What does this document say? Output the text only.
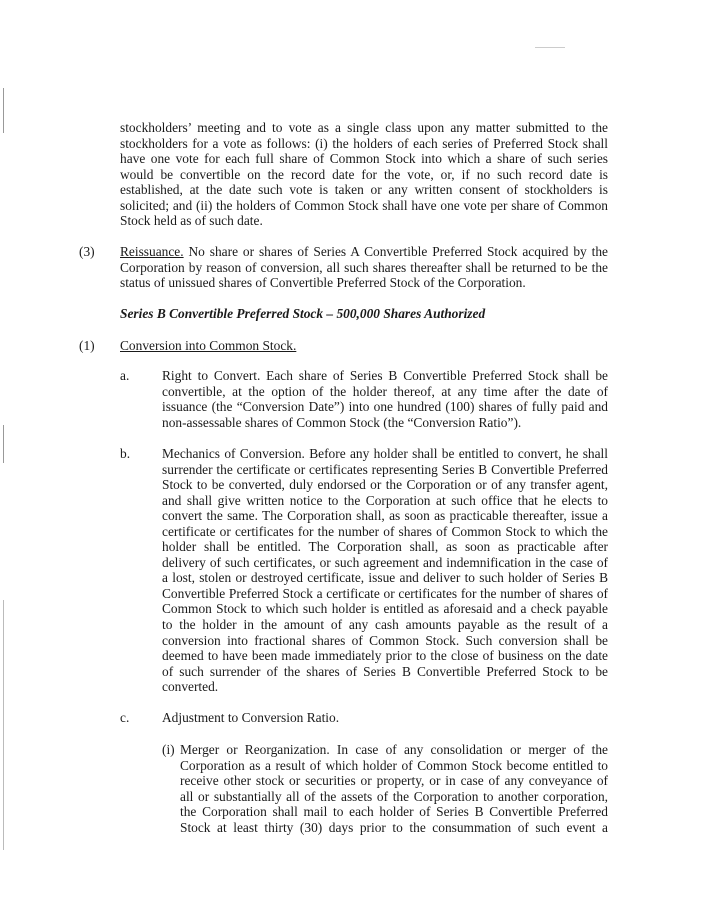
stockholders’ meeting and to vote as a single class upon any matter submitted to the
stockholders for a vote as follows: (i) the holders of each series of Preferred Stock shall
have one vote for each full share of Common Stock into which a share of such series
would be convertible on the record date for the vote, or, if no such record date is
established, at the date such vote is taken or any written consent of stockholders is
solicited; and (ii) the holders of Common Stock shall have one vote per share of Common
Stock held as of such date.
(3) Reissuance. No share or shares of Series A Convertible Preferred Stock acquired by the
Corporation by reason of conversion, all such shares thereafter shall be returned to be the
status of unissued shares of Convertible Preferred Stock of the Corporation.
Series B Convertible Preferred Stock – 500,000 Shares Authorized
(1) Conversion into Common Stock.
a. Right to Convert. Each share of Series B Convertible Preferred Stock shall be
convertible, at the option of the holder thereof, at any time after the date of
issuance (the “Conversion Date”) into one hundred (100) shares of fully paid and
non-assessable shares of Common Stock (the “Conversion Ratio”).
b. Mechanics of Conversion. Before any holder shall be entitled to convert, he shall
surrender the certificate or certificates representing Series B Convertible Preferred
Stock to be converted, duly endorsed or the Corporation or of any transfer agent,
and shall give written notice to the Corporation at such office that he elects to
convert the same. The Corporation shall, as soon as practicable thereafter, issue a
certificate or certificates for the number of shares of Common Stock to which the
holder shall be entitled. The Corporation shall, as soon as practicable after
delivery of such certificates, or such agreement and indemnification in the case of
a lost, stolen or destroyed certificate, issue and deliver to such holder of Series B
Convertible Preferred Stock a certificate or certificates for the number of shares of
Common Stock to which such holder is entitled as aforesaid and a check payable
to the holder in the amount of any cash amounts payable as the result of a
conversion into fractional shares of Common Stock. Such conversion shall be
deemed to have been made immediately prior to the close of business on the date
of such surrender of the shares of Series B Convertible Preferred Stock to be
converted.
c. Adjustment to Conversion Ratio.
(i) Merger or Reorganization. In case of any consolidation or merger of the
Corporation as a result of which holder of Common Stock become entitled to
receive other stock or securities or property, or in case of any conveyance of
all or substantially all of the assets of the Corporation to another corporation,
the Corporation shall mail to each holder of Series B Convertible Preferred
Stock at least thirty (30) days prior to the consummation of such event a
